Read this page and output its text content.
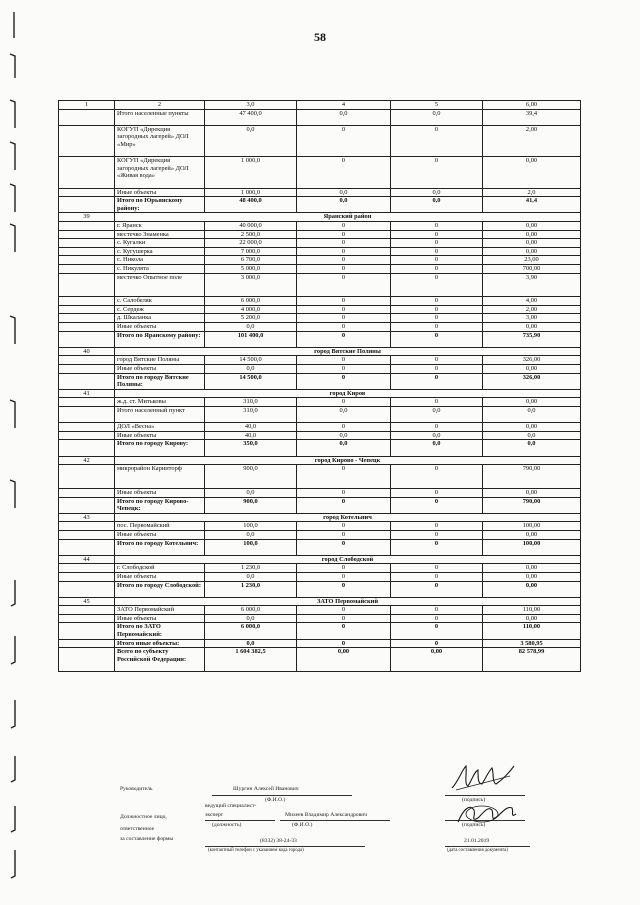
58
1	2	3,0	4	5	6,00
	Итого населенные пункты	47 400,0	0,0	0,0	39,4
	КОГУП «Дирекция загородных лагерей» ДОЛ «Мир»	0,0	0	0	2,00
	КОГУП «Дирекция загородных лагерей» ДОЛ «Живая вода»	1 000,0	0	0	0,00
	Иные объекты	1 000,0	0,0	0,0	2,0
	Итого по Юрьянскому району:	48 400,0	0,0	0,0	41,4
39	Яранский район				
	г. Яранск	40 000,0	0	0	0,00
	местечко Знаменка	2 500,0	0	0	0,00
	с. Кугалки	22 000,0	0	0	0,00
	с. Кугушерка	7 000,0	0	0	0,00
	с. Никола	6 700,0	0	0	23,00
	с. Никулята	5 000,0	0	0	700,00
	местечко Опытное поле	3 000,0	0	0	3,90
	с. Салобеляк	6 000,0	0	0	4,00
	с. Сердеж	4 000,0	0	0	2,00
	д. Шкаланка	5 200,0	0	0	3,00
	Иные объекты	0,0	0	0	0,00
	Итого по Яранскому району:	101 400,0	0	0	735,90
40	город Вятские Поляны				
	город Вятские Поляны	14 500,0	0	0	326,00
	Иные объекты	0,0	0	0	0,00
	Итого по городу Вятские Поляны:	14 500,0	0	0	326,00
41	город Киров				
	ж.д. ст. Митьковы	310,0	0	0	0,00
	Итого населенный пункт	310,0	0,0	0,0	0,0
	ДОЛ «Весна»	40,0	0	0	0,00
	Иные объекты	40,0	0,0	0,0	0,0
	Итого по городу Кирову:	350,0	0,0	0,0	0,0
42	город Кирово - Чепецк				
	микрорайон Каринторф	900,0	0	0	790,00
	Иные объекты	0,0	0	0	0,00
	Итого по городу Кирово-Чепецк:	900,0	0	0	790,00
43	город Котельнич				
	пос. Первомайский	100,0	0	0	100,00
	Иные объекты	0,0	0	0	0,00
	Итого по городу Котельнич:	100,0	0	0	100,00
44	город Слободской				
	г. Слободской	1 230,0	0	0	0,00
	Иные объекты	0,0	0	0	0,00
	Итого по городу Слободской:	1 230,0	0	0	0,00
45	ЗАТО Первомайский				
	ЗАТО Первомайский	6 000,0	0	0	110,00
	Иные объекты	0,0	0	0	0,00
	Итого по ЗАТО Первомайский:	6 000,0	0	0	110,00
	Итого иные объекты:	0,0	0	0	3 580,95
	Всего по субъекту Российской Федерации:	1 604 382,5	0,00	0,00	82 578,99
Руководитель	Шургин Алексей Иванович
(Ф.И.О.)	(подпись)
Должностное лицо,
ответственное
за составление формы
ведущий специалист-
эксперт
(должность)
Михеев Владимир Александрович
(Ф.И.О.)	(подпись)
(8332) 38-24-33
(контактный телефон с указанием кода города)
21.01.2019
(дата составления документа)
